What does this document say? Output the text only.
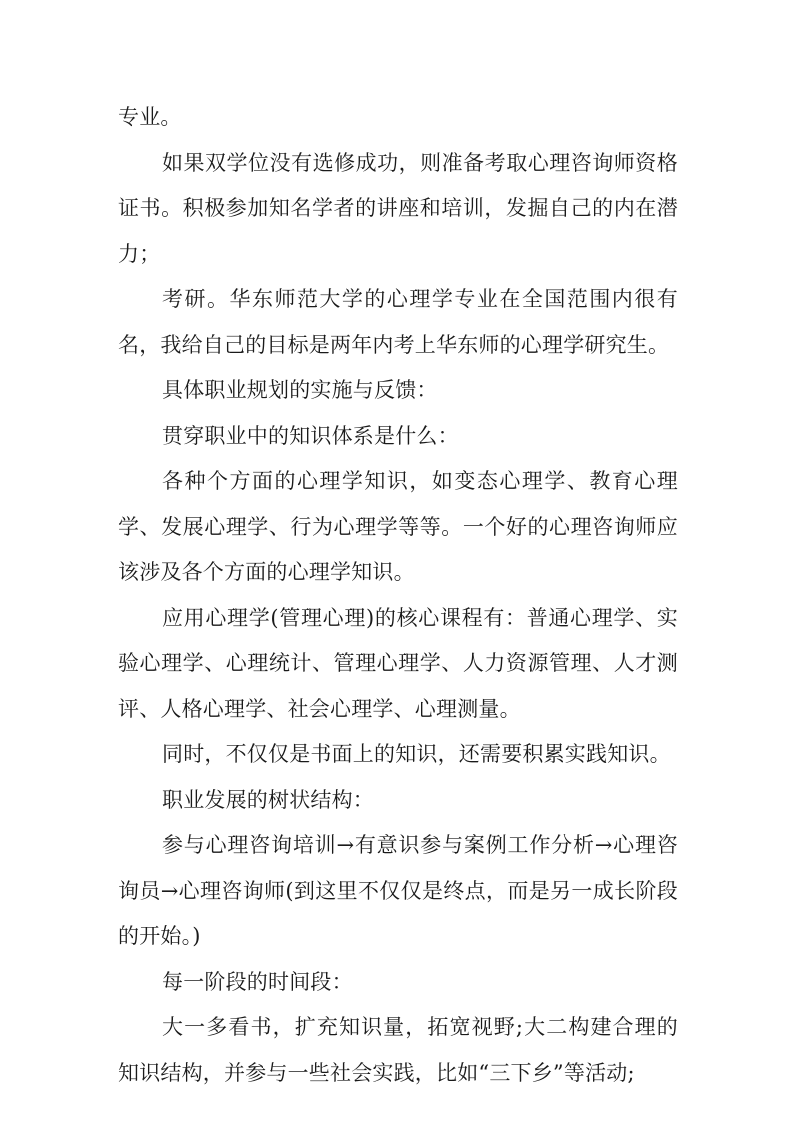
专业。

如果双学位没有选修成功，则准备考取心理咨询师资格证书。积极参加知名学者的讲座和培训，发掘自己的内在潜力；

考研。华东师范大学的心理学专业在全国范围内很有名，我给自己的目标是两年内考上华东师的心理学研究生。

具体职业规划的实施与反馈：

贯穿职业中的知识体系是什么：

各种个方面的心理学知识，如变态心理学、教育心理学、发展心理学、行为心理学等等。一个好的心理咨询师应该涉及各个方面的心理学知识。

应用心理学(管理心理)的核心课程有：普通心理学、实验心理学、心理统计、管理心理学、人力资源管理、人才测评、人格心理学、社会心理学、心理测量。

同时，不仅仅是书面上的知识，还需要积累实践知识。

职业发展的树状结构：

参与心理咨询培训→有意识参与案例工作分析→心理咨询员→心理咨询师(到这里不仅仅是终点，而是另一成长阶段的开始。)

每一阶段的时间段：

大一多看书，扩充知识量，拓宽视野;大二构建合理的知识结构，并参与一些社会实践，比如“三下乡”等活动;
